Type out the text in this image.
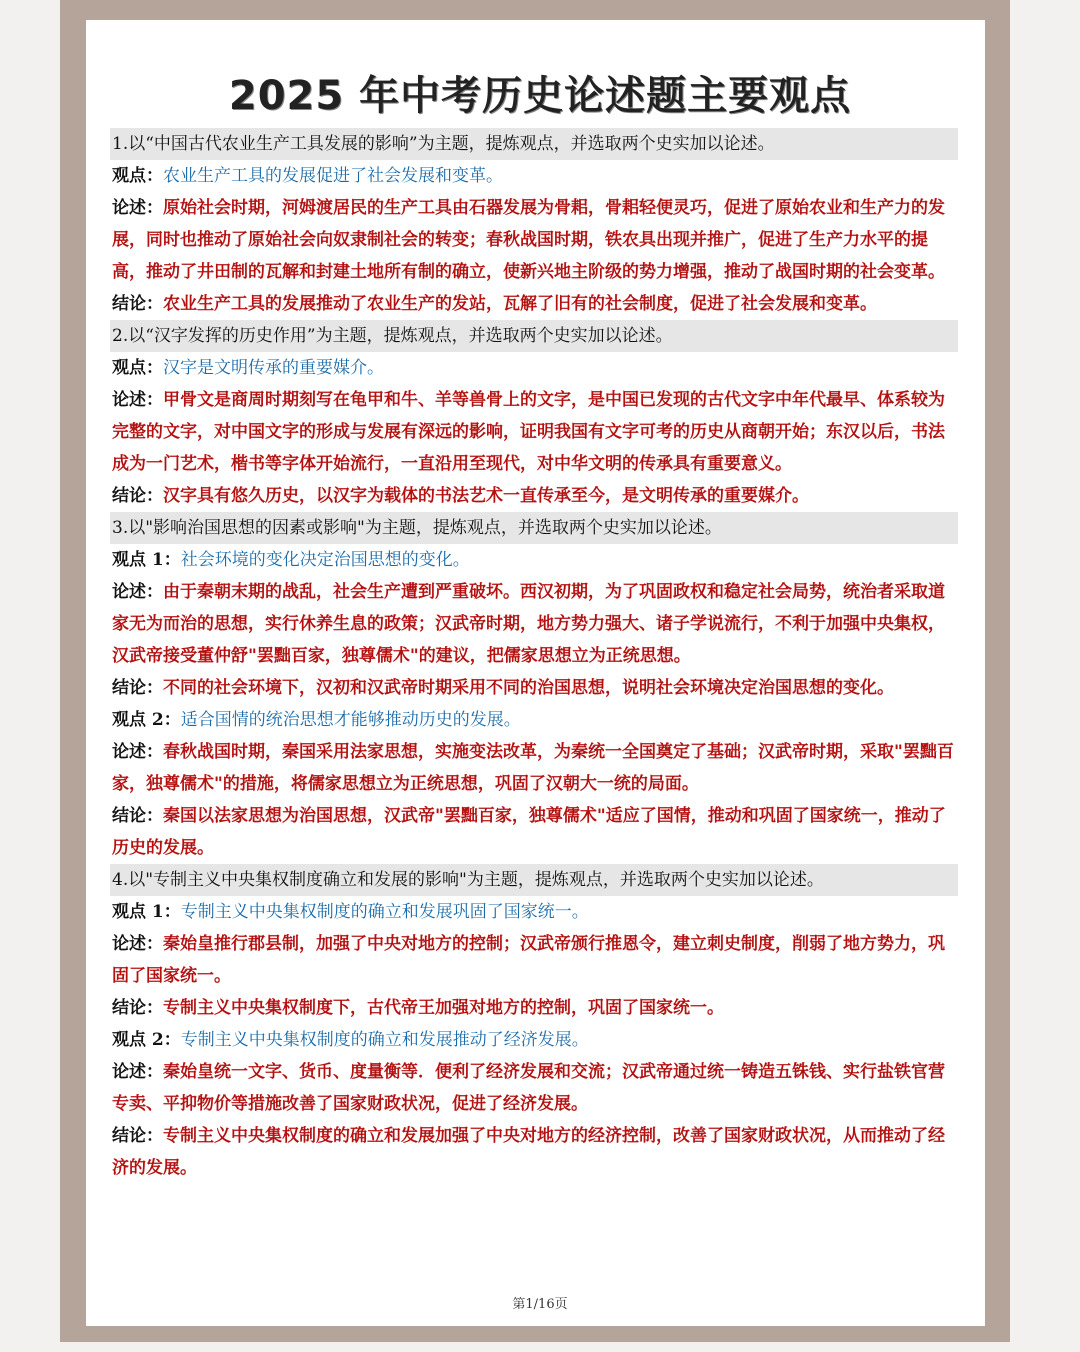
2025 年中考历史论述题主要观点
1.以“中国古代农业生产工具发展的影响”为主题，提炼观点，并选取两个史实加以论述。
观点：农业生产工具的发展促进了社会发展和变革。
论述：原始社会时期，河姆渡居民的生产工具由石器发展为骨耜，骨耜轻便灵巧，促进了原始农业和生产力的发展，同时也推动了原始社会向奴隶制社会的转变；春秋战国时期，铁农具出现并推广，促进了生产力水平的提高，推动了井田制的瓦解和封建土地所有制的确立，使新兴地主阶级的势力增强，推动了战国时期的社会变革。
结论：农业生产工具的发展推动了农业生产的发站，瓦解了旧有的社会制度，促进了社会发展和变革。
2.以“汉字发挥的历史作用”为主题，提炼观点，并选取两个史实加以论述。
观点：汉字是文明传承的重要媒介。
论述：甲骨文是商周时期刻写在龟甲和牛、羊等兽骨上的文字，是中国已发现的古代文字中年代最早、体系较为完整的文字，对中国文字的形成与发展有深远的影响，证明我国有文字可考的历史从商朝开始；东汉以后，书法成为一门艺术，楷书等字体开始流行，一直沿用至现代，对中华文明的传承具有重要意义。
结论：汉字具有悠久历史，以汉字为载体的书法艺术一直传承至今，是文明传承的重要媒介。
3.以"影响治国思想的因素或影响"为主题，提炼观点，并选取两个史实加以论述。
观点 1：社会环境的变化决定治国思想的变化。
论述：由于秦朝末期的战乱，社会生产遭到严重破坏。西汉初期，为了巩固政权和稳定社会局势，统治者采取道家无为而治的思想，实行休养生息的政策；汉武帝时期，地方势力强大、诸子学说流行，不利于加强中央集权，汉武帝接受董仲舒"罢黜百家，独尊儒术"的建议，把儒家思想立为正统思想。
结论：不同的社会环境下，汉初和汉武帝时期采用不同的治国思想，说明社会环境决定治国思想的变化。
观点 2：适合国情的统治思想才能够推动历史的发展。
论述：春秋战国时期，秦国采用法家思想，实施变法改革，为秦统一全国奠定了基础；汉武帝时期，采取"罢黜百家，独尊儒术"的措施，将儒家思想立为正统思想，巩固了汉朝大一统的局面。
结论：秦国以法家思想为治国思想，汉武帝"罢黜百家，独尊儒术"适应了国情，推动和巩固了国家统一，推动了历史的发展。
4.以"专制主义中央集权制度确立和发展的影响"为主题，提炼观点，并选取两个史实加以论述。
观点 1：专制主义中央集权制度的确立和发展巩固了国家统一。
论述：秦始皇推行郡县制，加强了中央对地方的控制；汉武帝颁行推恩令，建立刺史制度，削弱了地方势力，巩固了国家统一。
结论：专制主义中央集权制度下，古代帝王加强对地方的控制，巩固了国家统一。
观点 2：专制主义中央集权制度的确立和发展推动了经济发展。
论述：秦始皇统一文字、货币、度量衡等．便利了经济发展和交流；汉武帝通过统一铸造五铢钱、实行盐铁官营专卖、平抑物价等措施改善了国家财政状况，促进了经济发展。
结论：专制主义中央集权制度的确立和发展加强了中央对地方的经济控制，改善了国家财政状况，从而推动了经济的发展。
第1/16页
